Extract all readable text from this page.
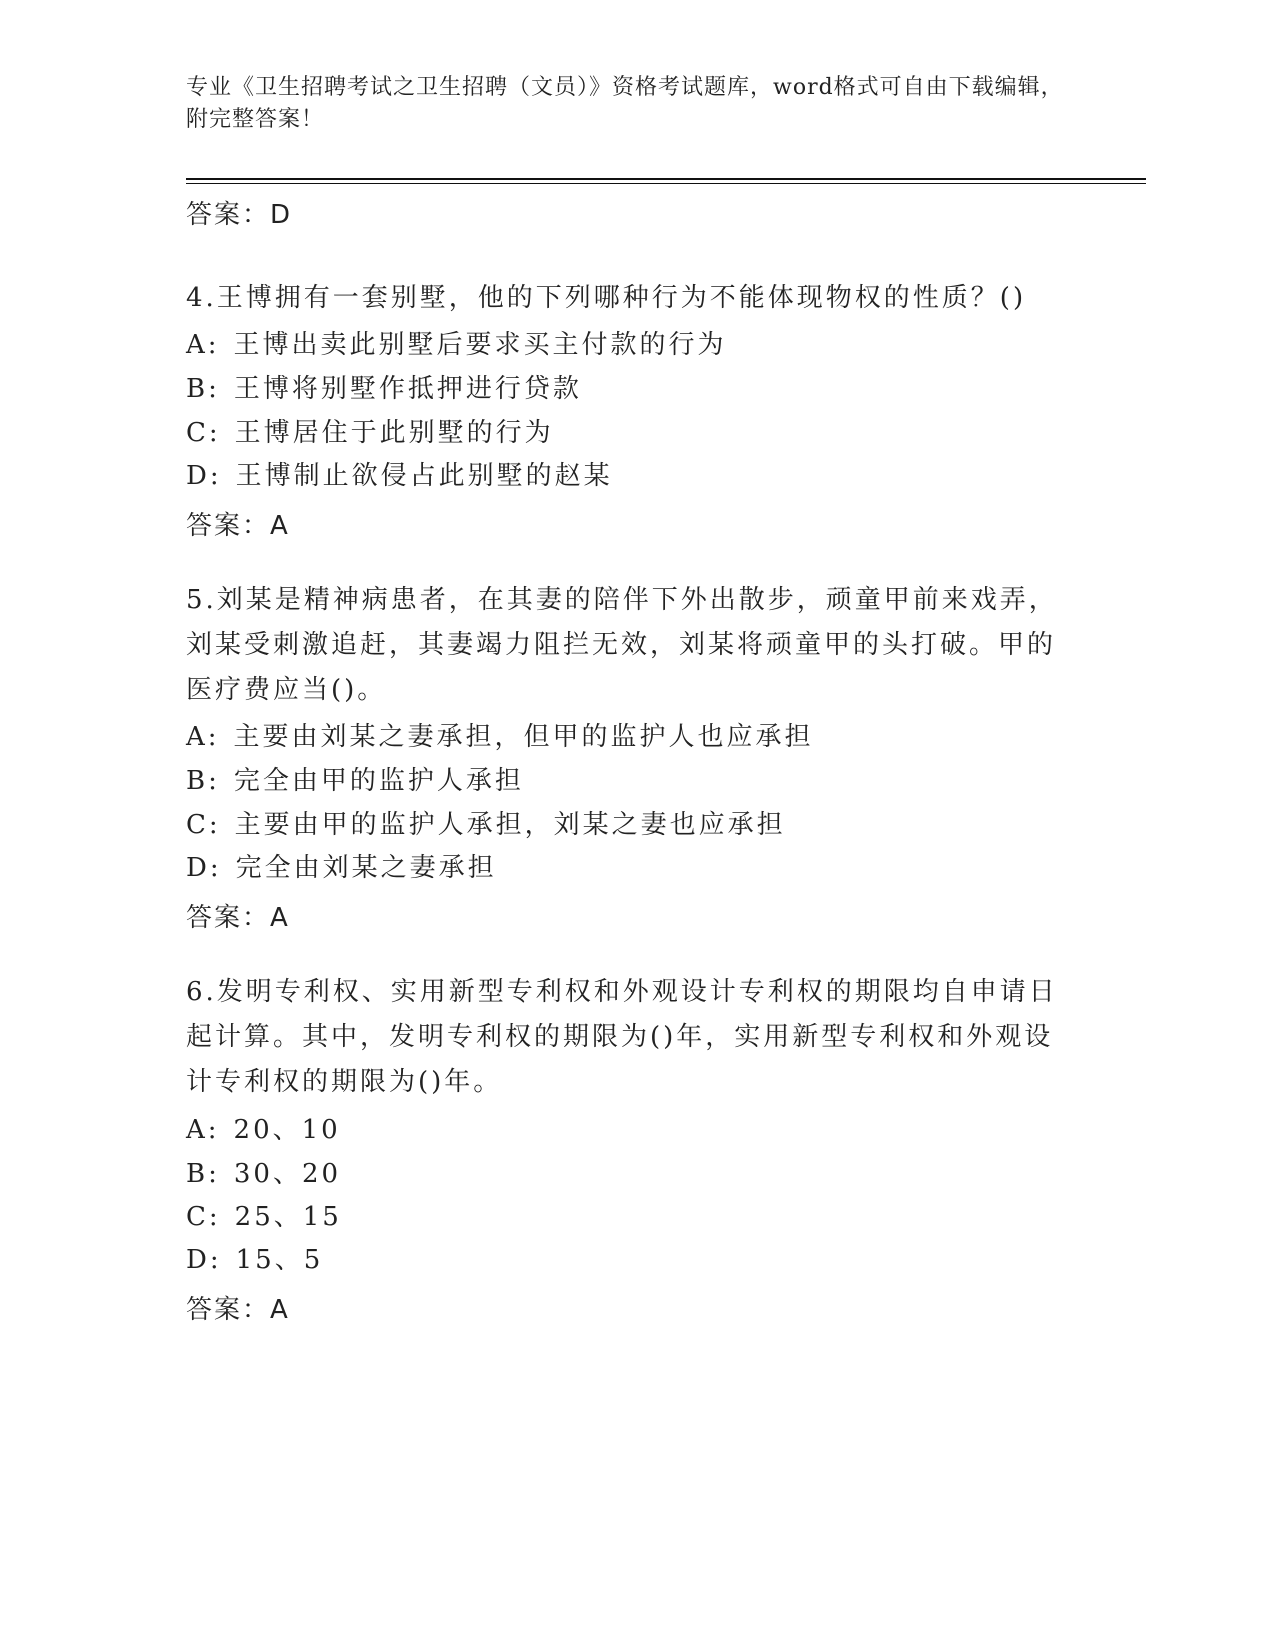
专业《卫生招聘考试之卫生招聘（文员）》资格考试题库，word格式可自由下载编辑，附完整答案！
答案：D
4.王博拥有一套别墅，他的下列哪种行为不能体现物权的性质？()
A: 王博出卖此别墅后要求买主付款的行为
B: 王博将别墅作抵押进行贷款
C: 王博居住于此别墅的行为
D: 王博制止欲侵占此别墅的赵某
答案：A
5.刘某是精神病患者，在其妻的陪伴下外出散步，顽童甲前来戏弄，刘某受刺激追赶，其妻竭力阻拦无效，刘某将顽童甲的头打破。甲的医疗费应当()。
A: 主要由刘某之妻承担，但甲的监护人也应承担
B: 完全由甲的监护人承担
C: 主要由甲的监护人承担，刘某之妻也应承担
D: 完全由刘某之妻承担
答案：A
6.发明专利权、实用新型专利权和外观设计专利权的期限均自申请日起计算。其中，发明专利权的期限为()年，实用新型专利权和外观设计专利权的期限为()年。
A: 20、10
B: 30、20
C: 25、15
D: 15、5
答案：A
